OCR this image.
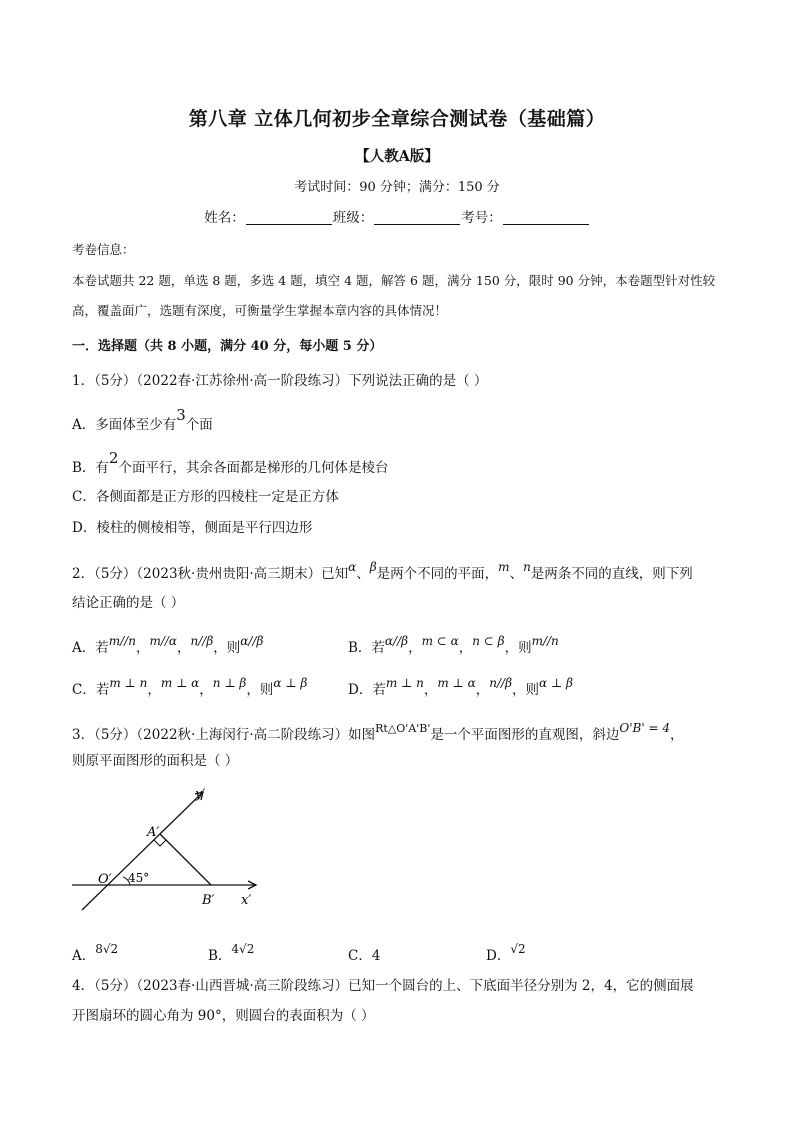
第八章 立体几何初步全章综合测试卷（基础篇）
【人教A版】
考试时间：90 分钟；满分：150 分
姓名：	班级：	考号：
考卷信息：
本卷试题共 22 题，单选 8 题，多选 4 题，填空 4 题，解答 6 题，满分 150 分，限时 90 分钟，本卷题型针对性较
高，覆盖面广，选题有深度，可衡量学生掌握本章内容的具体情况！
一．选择题（共 8 小题，满分 40 分，每小题 5 分）
1．（5分）（2022春·江苏徐州·高一阶段练习）下列说法正确的是（ ）
A．多面体至少有3个面
B．有2个面平行，其余各面都是梯形的几何体是棱台
C．各侧面都是正方形的四棱柱一定是正方体
D．棱柱的侧棱相等，侧面是平行四边形
2．（5分）（2023秋·贵州贵阳·高三期末）已知α、β是两个不同的平面，m、n是两条不同的直线，则下列
结论正确的是（ ）
A．若m//n，m//α，n//β，则α//β	B．若α//β，m ⊂ α，n ⊂ β，则m//n
C．若m ⊥ n，m ⊥ α，n ⊥ β，则α ⊥ β	D．若m ⊥ n，m ⊥ α，n//β，则α ⊥ β
3．（5分）（2022秋·上海闵行·高二阶段练习）如图$^{Rt\triangle O'A'B'}$是一个平面图形的直观图，斜边O'B' = 4，
则原平面图形的面积是（ ）
y′
x′
O′
A′
B′
45°
A．8√2	B．4√2	C．4	D．√2
4．（5分）（2023春·山西晋城·高三阶段练习）已知一个圆台的上、下底面半径分别为 2，4，它的侧面展
开图扇环的圆心角为 90°，则圆台的表面积为（ ）
